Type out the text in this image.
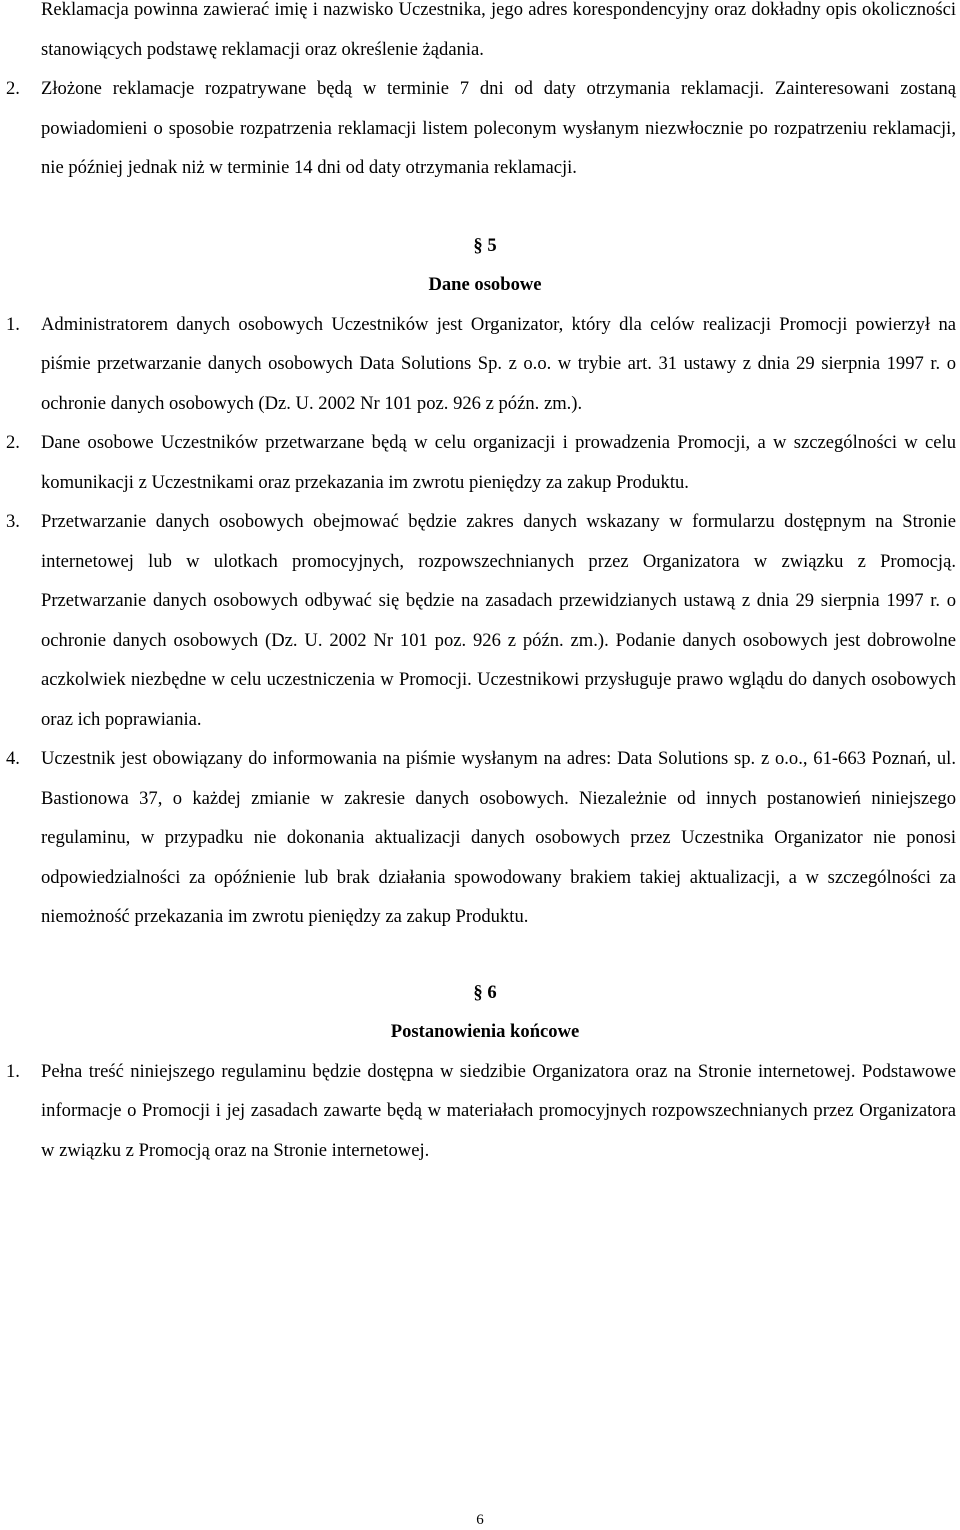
Reklamacja powinna zawierać imię i nazwisko Uczestnika, jego adres korespondencyjny oraz dokładny opis okoliczności stanowiących podstawę reklamacji oraz określenie żądania.

2. Złożone reklamacje rozpatrywane będą w terminie 7 dni od daty otrzymania reklamacji. Zainteresowani zostaną powiadomieni o sposobie rozpatrzenia reklamacji listem poleconym wysłanym niezwłocznie po rozpatrzeniu reklamacji, nie później jednak niż w terminie 14 dni od daty otrzymania reklamacji.

§ 5

Dane osobowe

1. Administratorem danych osobowych Uczestników jest Organizator, który dla celów realizacji Promocji powierzył na piśmie przetwarzanie danych osobowych Data Solutions Sp. z o.o. w trybie art. 31 ustawy z dnia 29 sierpnia 1997 r. o ochronie danych osobowych (Dz. U. 2002 Nr 101 poz. 926 z późn. zm.).
2. Dane osobowe Uczestników przetwarzane będą w celu organizacji i prowadzenia Promocji, a w szczególności w celu komunikacji z Uczestnikami oraz przekazania im zwrotu pieniędzy za zakup Produktu.
3. Przetwarzanie danych osobowych obejmować będzie zakres danych wskazany w formularzu dostępnym na Stronie internetowej lub w ulotkach promocyjnych, rozpowszechnianych przez Organizatora w związku z Promocją. Przetwarzanie danych osobowych odbywać się będzie na zasadach przewidzianych ustawą z dnia 29 sierpnia 1997 r. o ochronie danych osobowych (Dz. U. 2002 Nr 101 poz. 926 z późn. zm.). Podanie danych osobowych jest dobrowolne aczkolwiek niezbędne w celu uczestniczenia w Promocji. Uczestnikowi przysługuje prawo wglądu do danych osobowych oraz ich poprawiania.
4. Uczestnik jest obowiązany do informowania na piśmie wysłanym na adres: Data Solutions sp. z o.o., 61-663 Poznań, ul. Bastionowa 37, o każdej zmianie w zakresie danych osobowych. Niezależnie od innych postanowień niniejszego regulaminu, w przypadku nie dokonania aktualizacji danych osobowych przez Uczestnika Organizator nie ponosi odpowiedzialności za opóźnienie lub brak działania spowodowany brakiem takiej aktualizacji, a w szczególności za niemożność przekazania im zwrotu pieniędzy za zakup Produktu.

§ 6

Postanowienia końcowe

1. Pełna treść niniejszego regulaminu będzie dostępna w siedzibie Organizatora oraz na Stronie internetowej. Podstawowe informacje o Promocji i jej zasadach zawarte będą w materiałach promocyjnych rozpowszechnianych przez Organizatora w związku z Promocją oraz na Stronie internetowej.
6
